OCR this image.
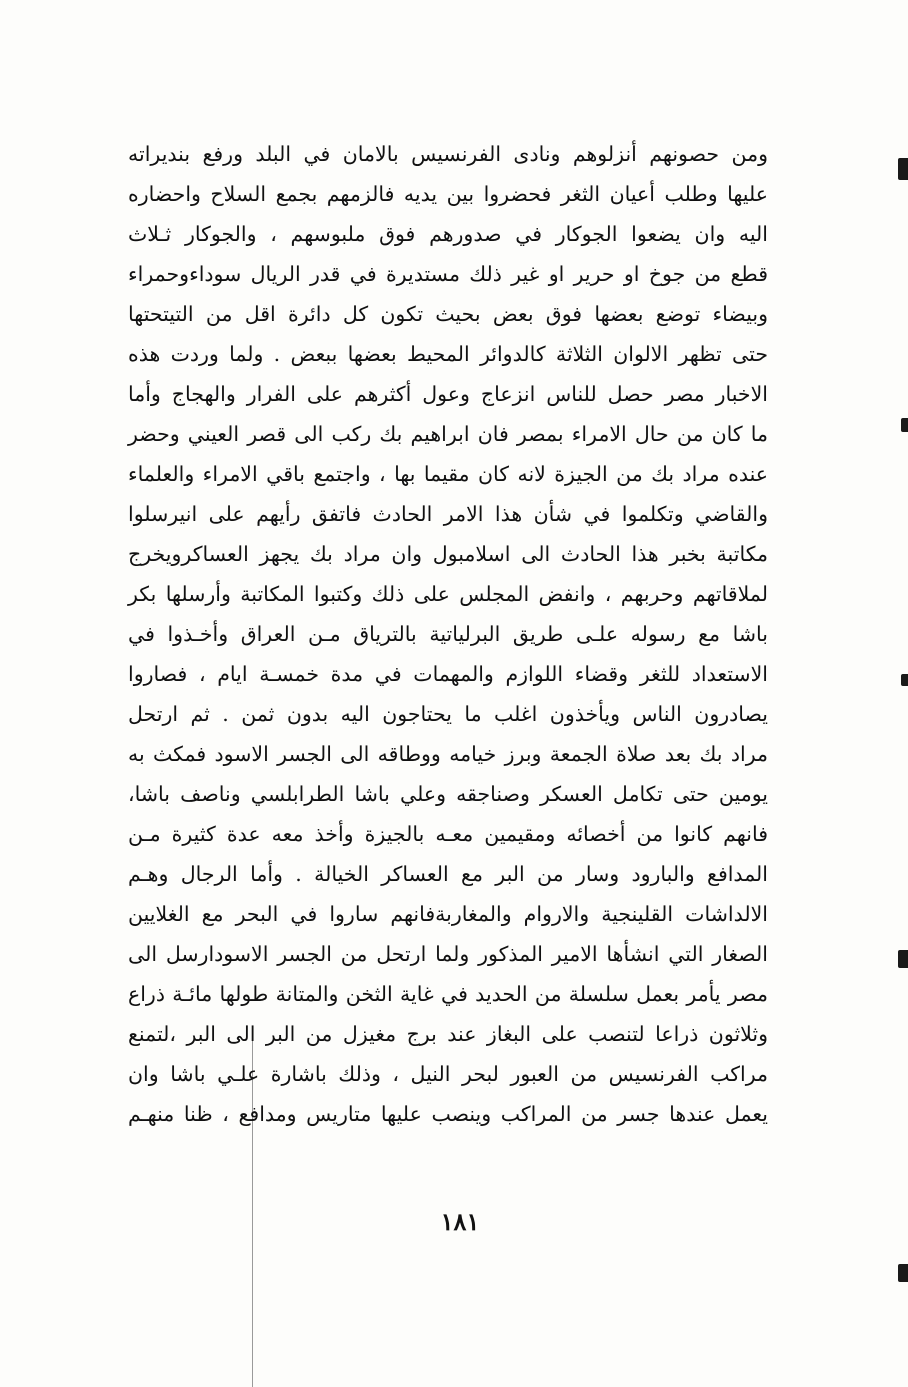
ومن حصونهم أنزلوهم ونادى الفرنسيس بالامان في البلد ورفع بنديراته
عليها وطلب أعيان الثغر فحضروا بين يديه فالزمهم بجمع السلاح واحضاره
اليه وان يضعوا الجوكار في صدورهم فوق ملبوسهم ، والجوكار ثـلاث
قطع من جوخ او حرير او غير ذلك مستديرة في قدر الريال سوداءوحمراء
وبيضاء توضع بعضها فوق بعض بحيث تكون كل دائرة اقل من التيتحتها
حتى تظهر الالوان الثلاثة كالدوائر المحيط بعضها ببعض . ولما وردت هذه
الاخبار مصر حصل للناس انزعاج وعول أكثرهم على الفرار والهجاج وأما
ما كان من حال الامراء بمصر فان ابراهيم بك ركب الى قصر العيني وحضر
عنده مراد بك من الجيزة لانه كان مقيما بها ، واجتمع باقي الامراء والعلماء
والقاضي وتكلموا في شأن هذا الامر الحادث فاتفق رأيهم على انيرسلوا
مكاتبة بخبر هذا الحادث الى اسلامبول وان مراد بك يجهز العساكرويخرج
لملاقاتهم وحربهم ، وانفض المجلس على ذلك وكتبوا المكاتبة وأرسلها بكر
باشا مع رسوله علـى طريق البرلياتية بالترياق مـن العراق وأخـذوا في
الاستعداد للثغر وقضاء اللوازم والمهمات في مدة خمسـة ايام ، فصاروا
يصادرون الناس ويأخذون اغلب ما يحتاجون اليه بدون ثمن . ثم ارتحل
مراد بك بعد صلاة الجمعة وبرز خيامه ووطاقه الى الجسر الاسود فمكث به
يومين حتى تكامل العسكر وصناجقه وعلي باشا الطرابلسي وناصف باشا،
فانهم كانوا من أخصائه ومقيمين معـه بالجيزة وأخذ معه عدة كثيرة مـن
المدافع والبارود وسار من البر مع العساكر الخيالة . وأما الرجال وهـم
الالداشات القلينجية والاروام والمغاربةفانهم ساروا في البحر مع الغلايين
الصغار التي انشأها الامير المذكور ولما ارتحل من الجسر الاسودارسل الى
مصر يأمر بعمل سلسلة من الحديد في غاية الثخن والمتانة طولها مائـة ذراع
وثلاثون ذراعا لتنصب على البغاز عند برج مغيزل من البر الى البر ،لتمنع
مراكب الفرنسيس من العبور لبحر النيل ، وذلك باشارة علـي باشا وان
يعمل عندها جسر من المراكب وينصب عليها متاريس ومدافع ، ظنا منهـم
١٨١
